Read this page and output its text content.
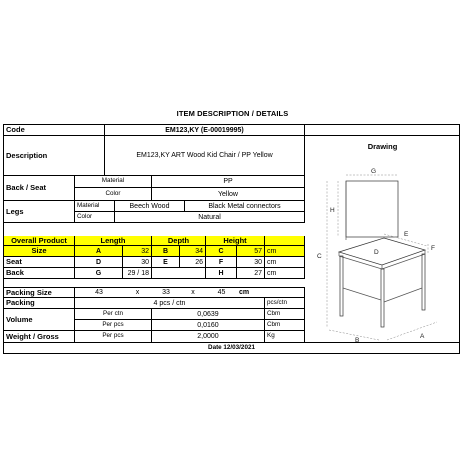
ITEM DESCRIPTION / DETAILS
Code	EM123,KY (E-00019995)
Description	EM123,KY ART Wood Kid Chair / PP Yellow
Back / Seat
Material	PP
Color	Yellow
Legs
Material	Beech Wood	Black Metal connectors
Color	Natural
Overall Product	Length	Depth	Height
Size	A	32	B	34	C	57 cm
Seat	D	30	E	26	F	30 cm
Back	G	29 / 18	H	27 cm
Packing Size	43	x	33	x	45	cm
Packing	4 pcs / ctn	pcs/ctn
Volume
Per ctn	0,0639	Cbm
Per pcs	0,0160	Cbm
Weight / Gross	Per pcs	2,0000	Kg
Date 12/03/2021
Drawing
G
H
C
D
E
F
B
A
